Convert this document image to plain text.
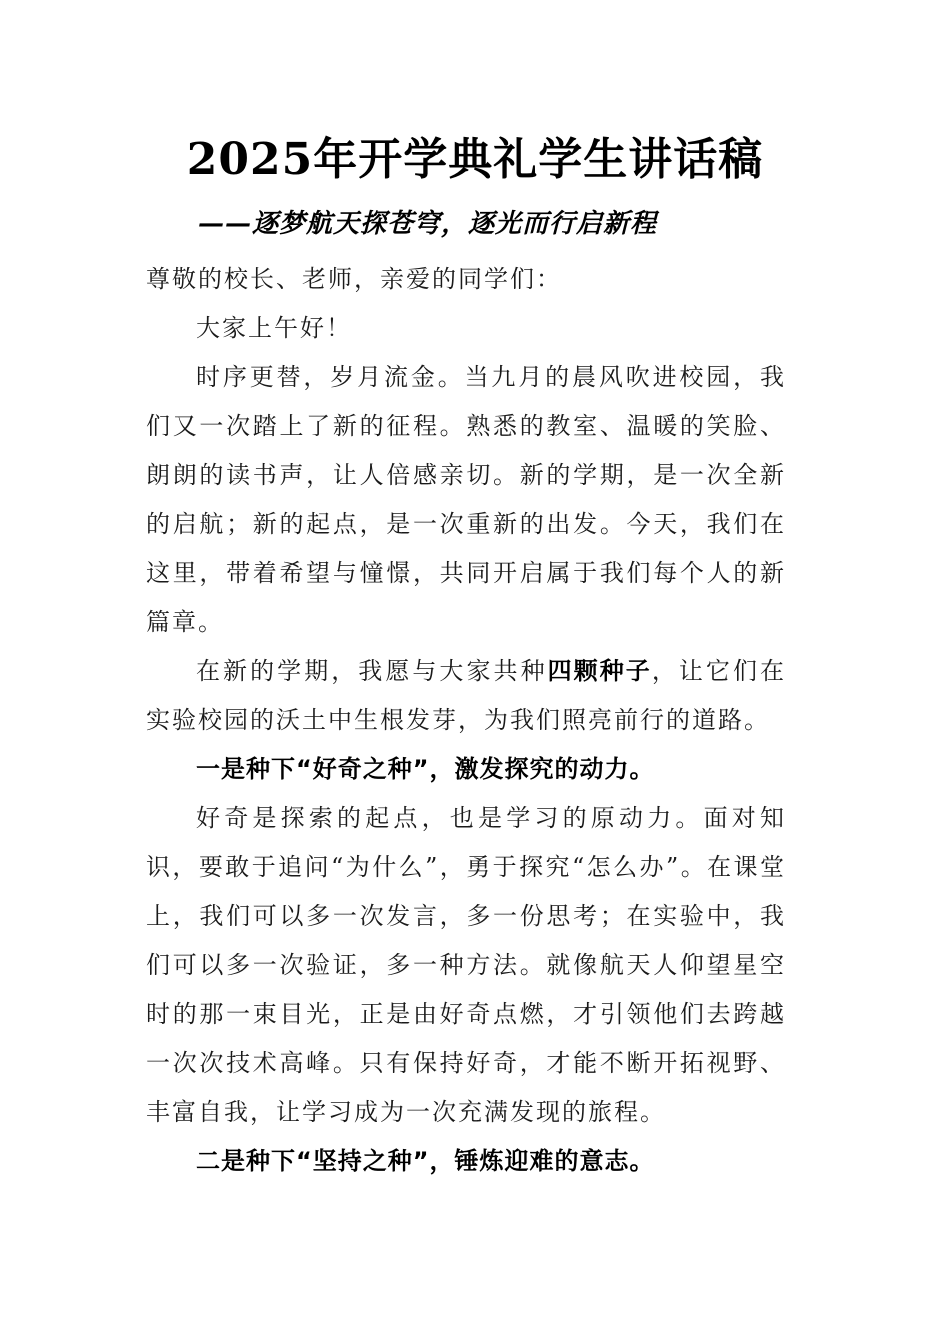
2025年开学典礼学生讲话稿
——逐梦航天探苍穹，逐光而行启新程

尊敬的校长、老师，亲爱的同学们：

大家上午好！

时序更替，岁月流金。当九月的晨风吹进校园，我们又一次踏上了新的征程。熟悉的教室、温暖的笑脸、朗朗的读书声，让人倍感亲切。新的学期，是一次全新的启航；新的起点，是一次重新的出发。今天，我们在这里，带着希望与憧憬，共同开启属于我们每个人的新篇章。

在新的学期，我愿与大家共种四颗种子，让它们在实验校园的沃土中生根发芽，为我们照亮前行的道路。

一是种下“好奇之种”，激发探究的动力。

好奇是探索的起点，也是学习的原动力。面对知识，要敢于追问“为什么”，勇于探究“怎么办”。在课堂上，我们可以多一次发言，多一份思考；在实验中，我们可以多一次验证，多一种方法。就像航天人仰望星空时的那一束目光，正是由好奇点燃，才引领他们去跨越一次次技术高峰。只有保持好奇，才能不断开拓视野、丰富自我，让学习成为一次充满发现的旅程。

二是种下“坚持之种”，锤炼迎难的意志。
